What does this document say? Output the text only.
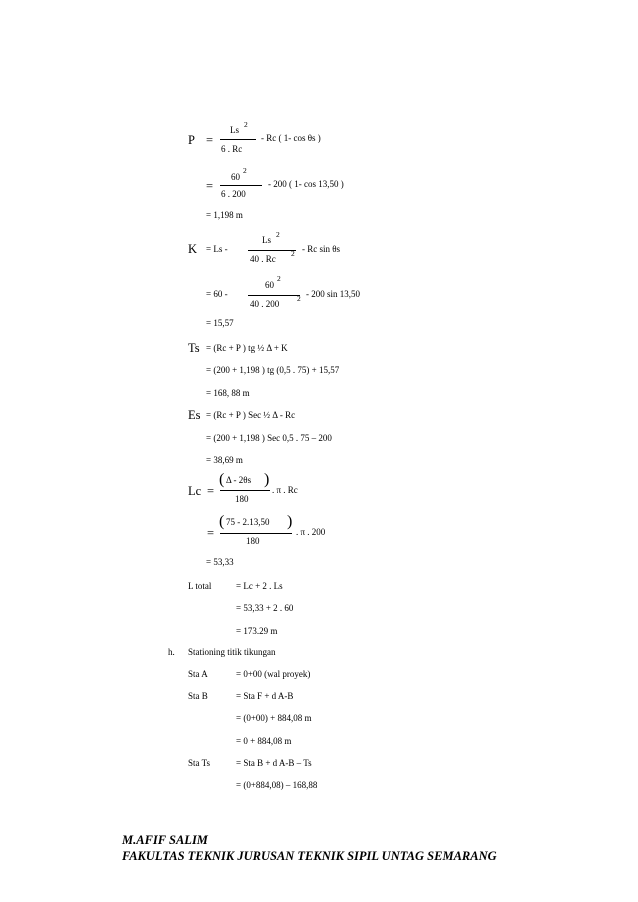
P =
Ls
2
6 . Rc
- Rc ( 1- cos θs )
=
60
2
6 . 200
- 200 ( 1- cos 13,50 )
= 1,198 m
K = Ls -
Ls
2
40 . Rc
2 - Rc sin θs
= 60 -
60
2
40 . 200
2 - 200 sin 13,50
= 15,57
Ts = (Rc + P ) tg ½ Δ + K
= (200 + 1,198 ) tg (0,5 . 75) + 15,57
= 168, 88 m
Es = (Rc + P ) Sec ½ Δ - Rc
= (200 + 1,198 ) Sec 0,5 . 75 – 200
= 38,69 m
Lc =
( Δ - 2θs )
180
. π . Rc
=
( 75 - 2.13,50 )
180
. π . 200
= 53,33
L total	= Lc + 2 . Ls
= 53,33 + 2 . 60
= 173.29 m
h. Stationing titik tikungan
Sta A	= 0+00 (wal proyek)
Sta B	= Sta F + d A-B
= (0+00) + 884,08 m
= 0 + 884,08 m
Sta Ts	= Sta B + d A-B – Ts
= (0+884,08) – 168,88
M.AFIF SALIM
FAKULTAS TEKNIK JURUSAN TEKNIK SIPIL UNTAG SEMARANG
